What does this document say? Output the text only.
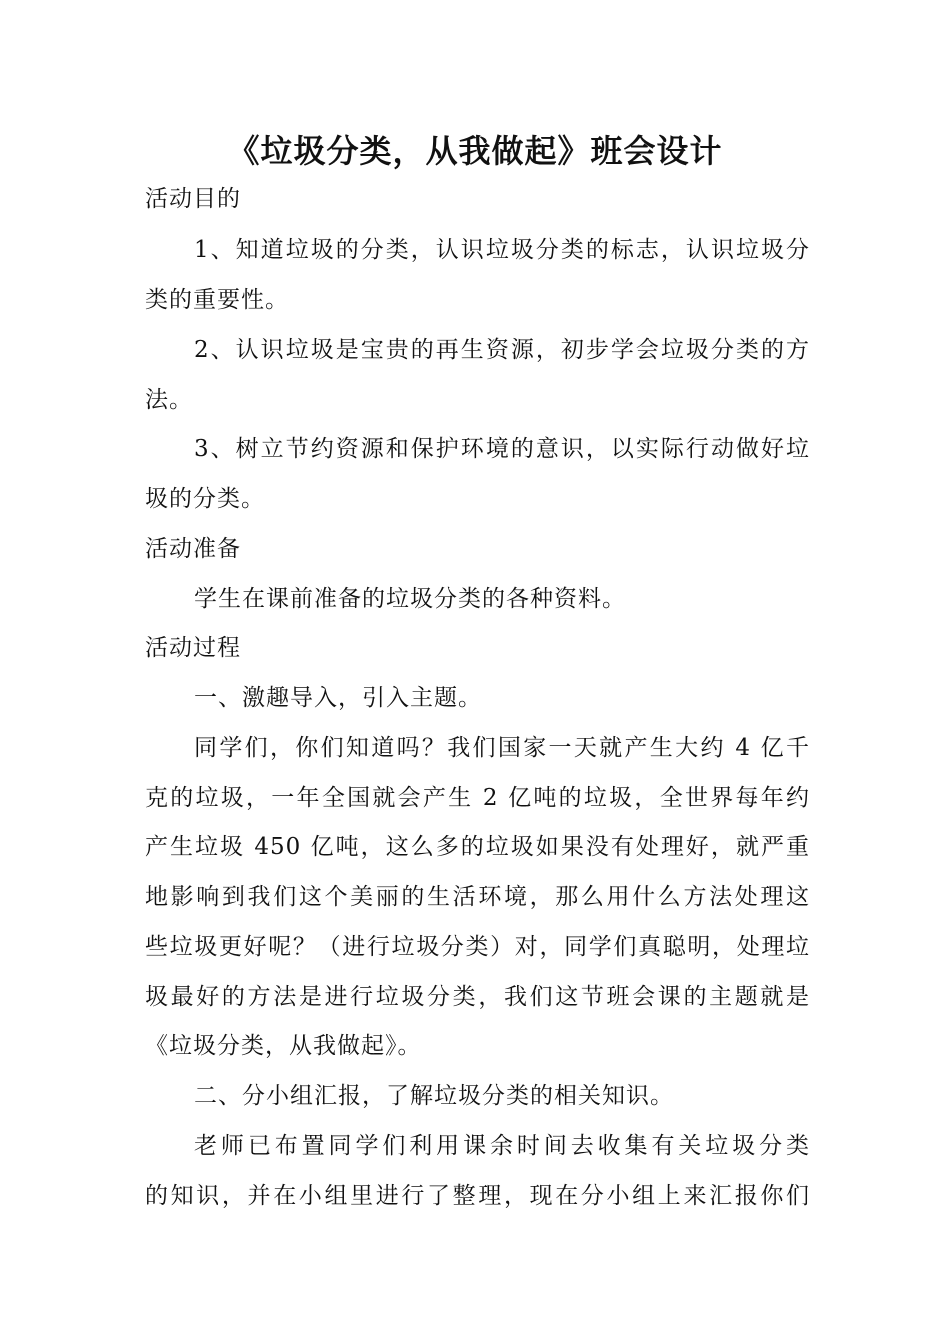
《垃圾分类，从我做起》班会设计
活动目的
1、知道垃圾的分类，认识垃圾分类的标志，认识垃圾分
类的重要性。
2、认识垃圾是宝贵的再生资源，初步学会垃圾分类的方
法。
3、树立节约资源和保护环境的意识，以实际行动做好垃
圾的分类。
活动准备
学生在课前准备的垃圾分类的各种资料。
活动过程
一、激趣导入，引入主题。
同学们，你们知道吗？我们国家一天就产生大约 4 亿千
克的垃圾，一年全国就会产生 2 亿吨的垃圾，全世界每年约
产生垃圾 450 亿吨，这么多的垃圾如果没有处理好，就严重
地影响到我们这个美丽的生活环境，那么用什么方法处理这
些垃圾更好呢？（进行垃圾分类）对，同学们真聪明，处理垃
圾最好的方法是进行垃圾分类，我们这节班会课的主题就是
《垃圾分类，从我做起》。
二、分小组汇报，了解垃圾分类的相关知识。
老师已布置同学们利用课余时间去收集有关垃圾分类
的知识，并在小组里进行了整理，现在分小组上来汇报你们
